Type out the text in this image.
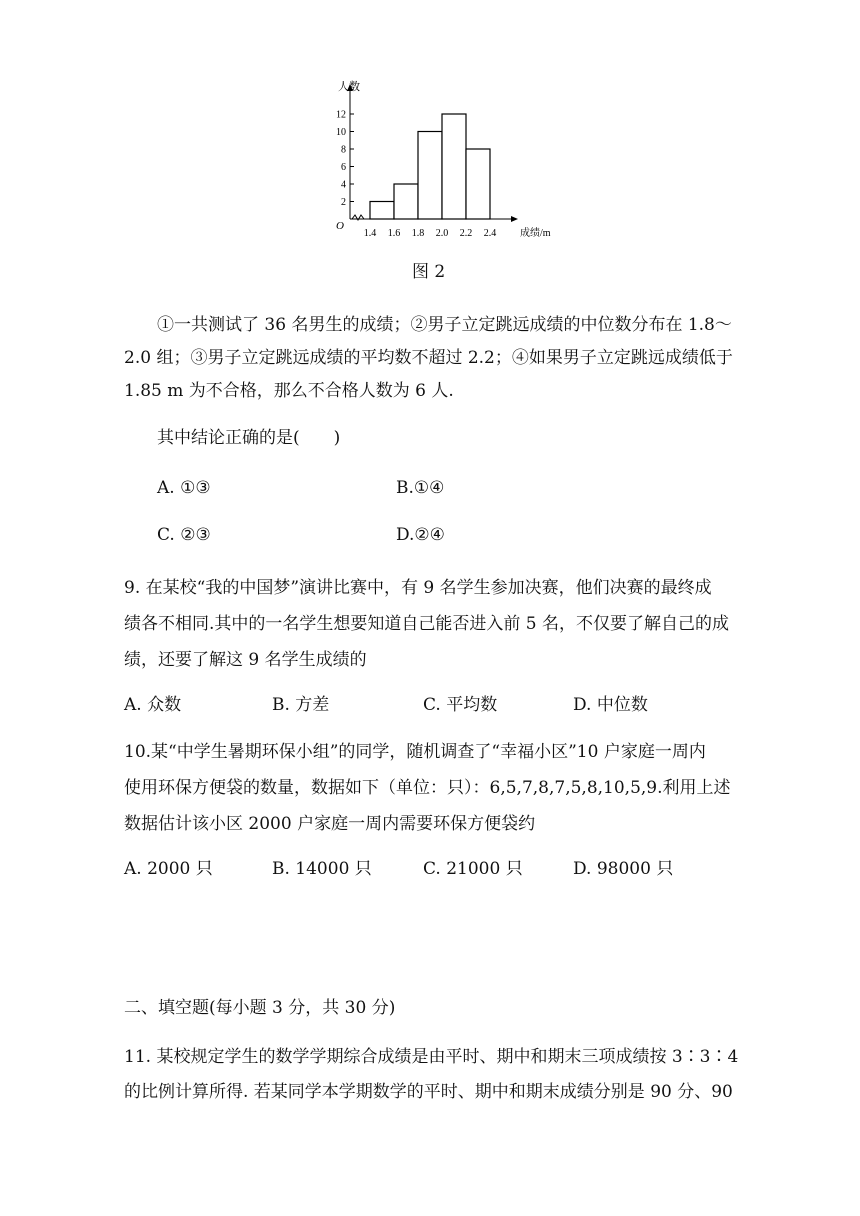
2
4
6
8
10
12
1.4 1.6 1.8 2.0 2.2 2.4
人数
成绩/m
O
图 2
①一共测试了 36 名男生的成绩；②男子立定跳远成绩的中位数分布在 1.8～
2.0 组；③男子立定跳远成绩的平均数不超过 2.2；④如果男子立定跳远成绩低于
1.85 m 为不合格，那么不合格人数为 6 人.
其中结论正确的是(　　)
A. ①③	B.①④
C. ②③	D.②④
9. 在某校“我的中国梦”演讲比赛中，有 9 名学生参加决赛，他们决赛的最终成
绩各不相同.其中的一名学生想要知道自己能否进入前 5 名，不仅要了解自己的成
绩，还要了解这 9 名学生成绩的
A. 众数	B. 方差	C. 平均数	D. 中位数
10.某“中学生暑期环保小组”的同学，随机调查了“幸福小区”10 户家庭一周内
使用环保方便袋的数量，数据如下（单位：只）：6,5,7,8,7,5,8,10,5,9.利用上述
数据估计该小区 2000 户家庭一周内需要环保方便袋约
A. 2000 只	B. 14000 只	C. 21000 只	D. 98000 只
二、填空题(每小题 3 分，共 30 分)
11. 某校规定学生的数学学期综合成绩是由平时、期中和期末三项成绩按 3∶3∶4
的比例计算所得. 若某同学本学期数学的平时、期中和期末成绩分别是 90 分、90
